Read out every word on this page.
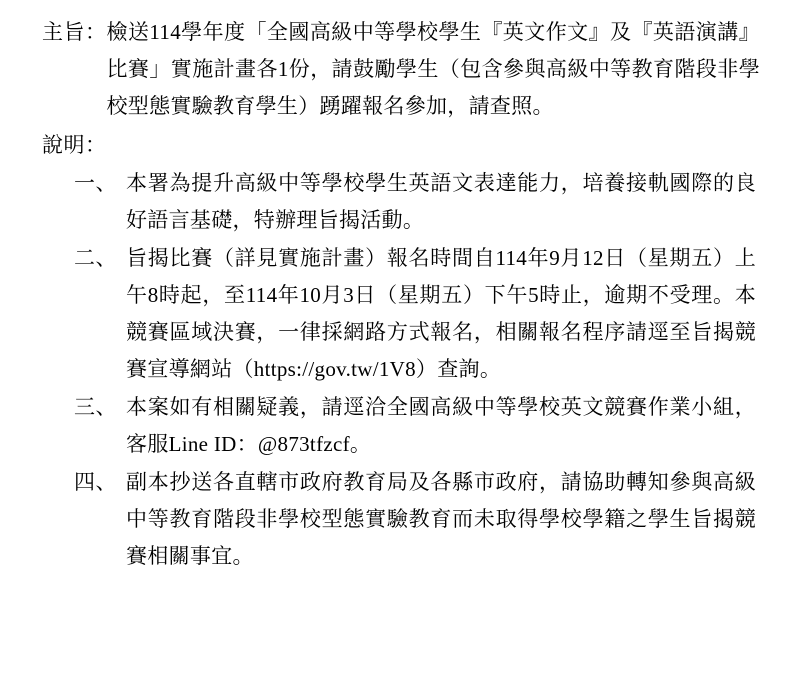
主旨： 檢送114學年度「全國高級中等學校學生『英文作文』及『英語演講』比賽」實施計畫各1份，請鼓勵學生（包含參與高級中等教育階段非學校型態實驗教育學生）踴躍報名參加，請查照。
說明：
一、 本署為提升高級中等學校學生英語文表達能力，培養接軌國際的良好語言基礎，特辦理旨揭活動。
二、 旨揭比賽（詳見實施計畫）報名時間自114年9月12日（星期五）上午8時起，至114年10月3日（星期五）下午5時止，逾期不受理。本競賽區域決賽，一律採網路方式報名，相關報名程序請逕至旨揭競賽宣導網站（https://gov.tw/1V8）查詢。
三、 本案如有相關疑義，請逕洽全國高級中等學校英文競賽作業小組，客服Line ID：@873tfzcf。
四、 副本抄送各直轄市政府教育局及各縣市政府，請協助轉知參與高級中等教育階段非學校型態實驗教育而未取得學校學籍之學生旨揭競賽相關事宜。
